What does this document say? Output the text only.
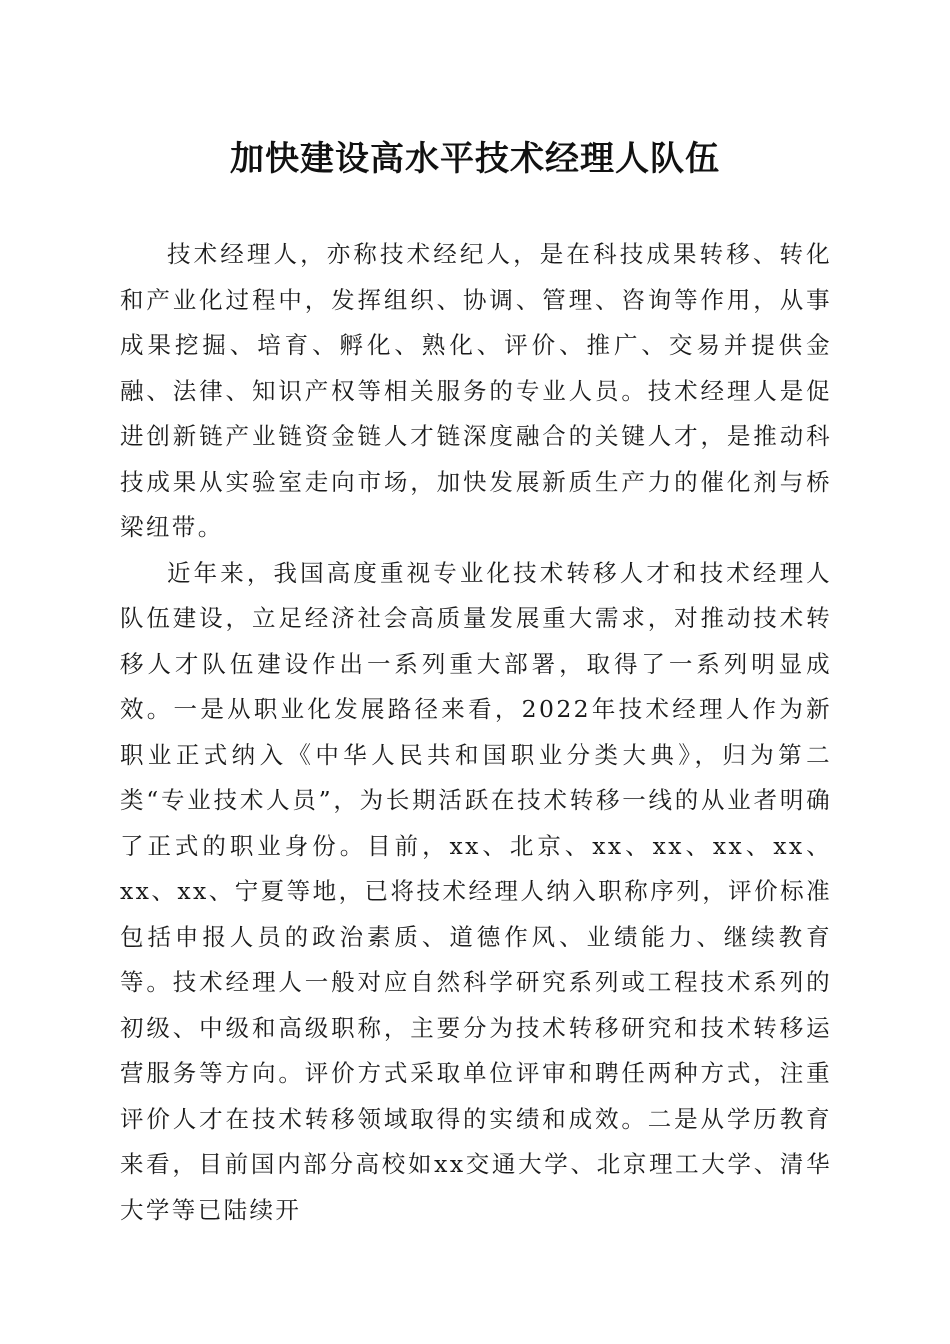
加快建设高水平技术经理人队伍

技术经理人，亦称技术经纪人，是在科技成果转移、转化和产业化过程中，发挥组织、协调、管理、咨询等作用，从事成果挖掘、培育、孵化、熟化、评价、推广、交易并提供金融、法律、知识产权等相关服务的专业人员。技术经理人是促进创新链产业链资金链人才链深度融合的关键人才，是推动科技成果从实验室走向市场，加快发展新质生产力的催化剂与桥梁纽带。

近年来，我国高度重视专业化技术转移人才和技术经理人队伍建设，立足经济社会高质量发展重大需求，对推动技术转移人才队伍建设作出一系列重大部署，取得了一系列明显成效。一是从职业化发展路径来看，2022年技术经理人作为新职业正式纳入《中华人民共和国职业分类大典》，归为第二类“专业技术人员”，为长期活跃在技术转移一线的从业者明确了正式的职业身份。目前，xx、北京、xx、xx、xx、xx、xx、xx、宁夏等地，已将技术经理人纳入职称序列，评价标准包括申报人员的政治素质、道德作风、业绩能力、继续教育等。技术经理人一般对应自然科学研究系列或工程技术系列的初级、中级和高级职称，主要分为技术转移研究和技术转移运营服务等方向。评价方式采取单位评审和聘任两种方式，注重评价人才在技术转移领域取得的实绩和成效。二是从学历教育来看，目前国内部分高校如xx交通大学、北京理工大学、清华大学等已陆续开
